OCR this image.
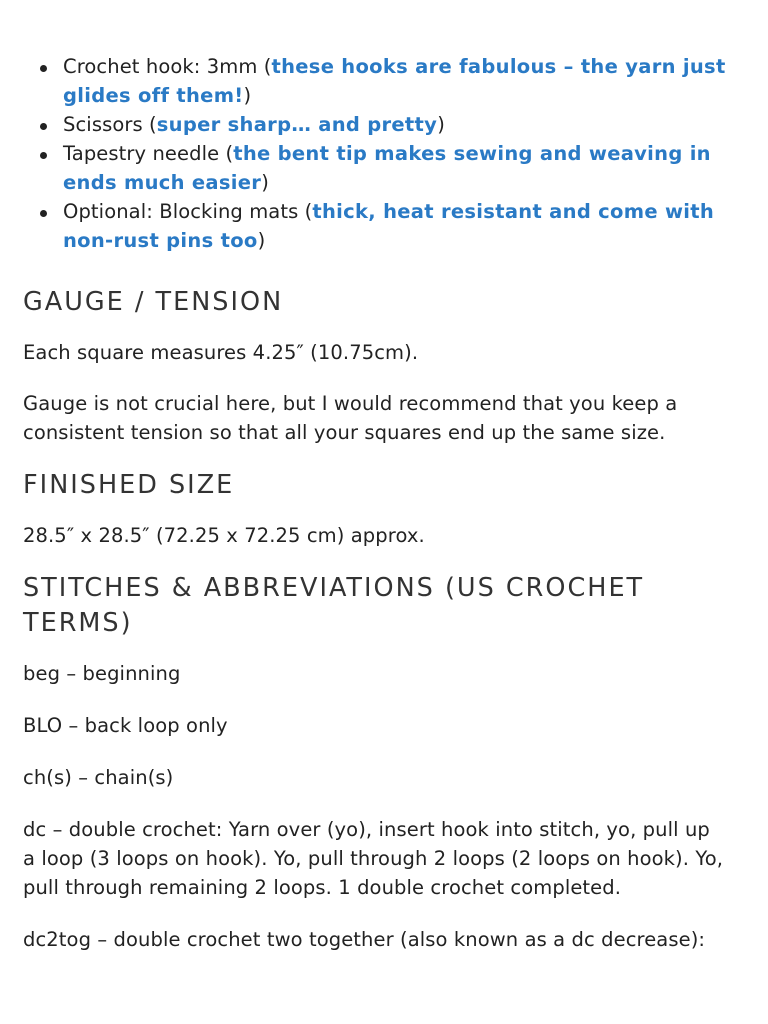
Crochet hook: 3mm (these hooks are fabulous – the yarn just glides off them!)
Scissors (super sharp… and pretty)
Tapestry needle (the bent tip makes sewing and weaving in ends much easier)
Optional: Blocking mats (thick, heat resistant and come with non-rust pins too)
GAUGE / TENSION

Each square measures 4.25″ (10.75cm).

Gauge is not crucial here, but I would recommend that you keep a consistent tension so that all your squares end up the same size.

FINISHED SIZE

28.5″ x 28.5″ (72.25 x 72.25 cm) approx.

STITCHES & ABBREVIATIONS (US CROCHET TERMS)

beg – beginning

BLO – back loop only

ch(s) – chain(s)

dc – double crochet: Yarn over (yo), insert hook into stitch, yo, pull up a loop (3 loops on hook). Yo, pull through 2 loops (2 loops on hook). Yo, pull through remaining 2 loops. 1 double crochet completed.

dc2tog – double crochet two together (also known as a dc decrease):
